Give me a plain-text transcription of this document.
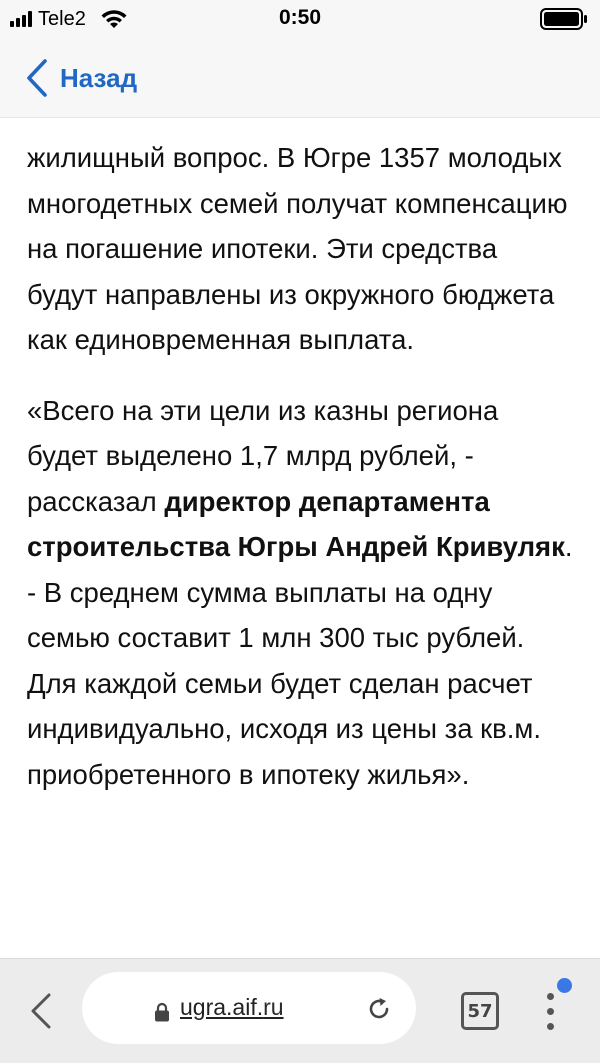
Tele2	0:50
Назад

жилищный вопрос. В Югре 1357 молодых многодетных семей получат компенсацию на погашение ипотеки. Эти средства будут направлены из окружного бюджета как единовременная выплата.

«Всего на эти цели из казны региона будет выделено 1,7 млрд рублей, - рассказал директор департамента строительства Югры Андрей Кривуляк. - В среднем сумма выплаты на одну семью составит 1 млн 300 тыс рублей. Для каждой семьи будет сделан расчет индивидуально, исходя из цены за кв.м. приобретенного в ипотеку жилья».

ugra.aif.ru	57
